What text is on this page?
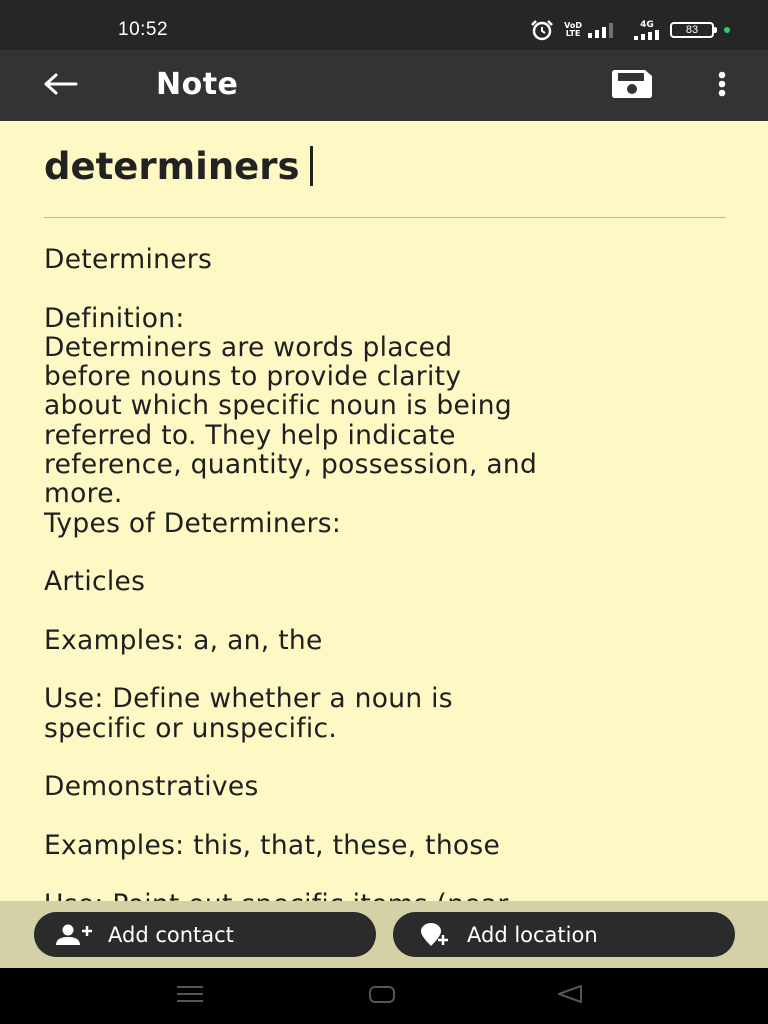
10:52	VoD
LTE
4G	83
Note
determiners
Determiners

Definition:
Determiners are words placed
before nouns to provide clarity
about which specific noun is being
referred to. They help indicate
reference, quantity, possession, and
more.
Types of Determiners:

Articles

Examples: a, an, the

Use: Define whether a noun is
specific or unspecific.

Demonstratives

Examples: this, that, these, those

Add contact	Add location
